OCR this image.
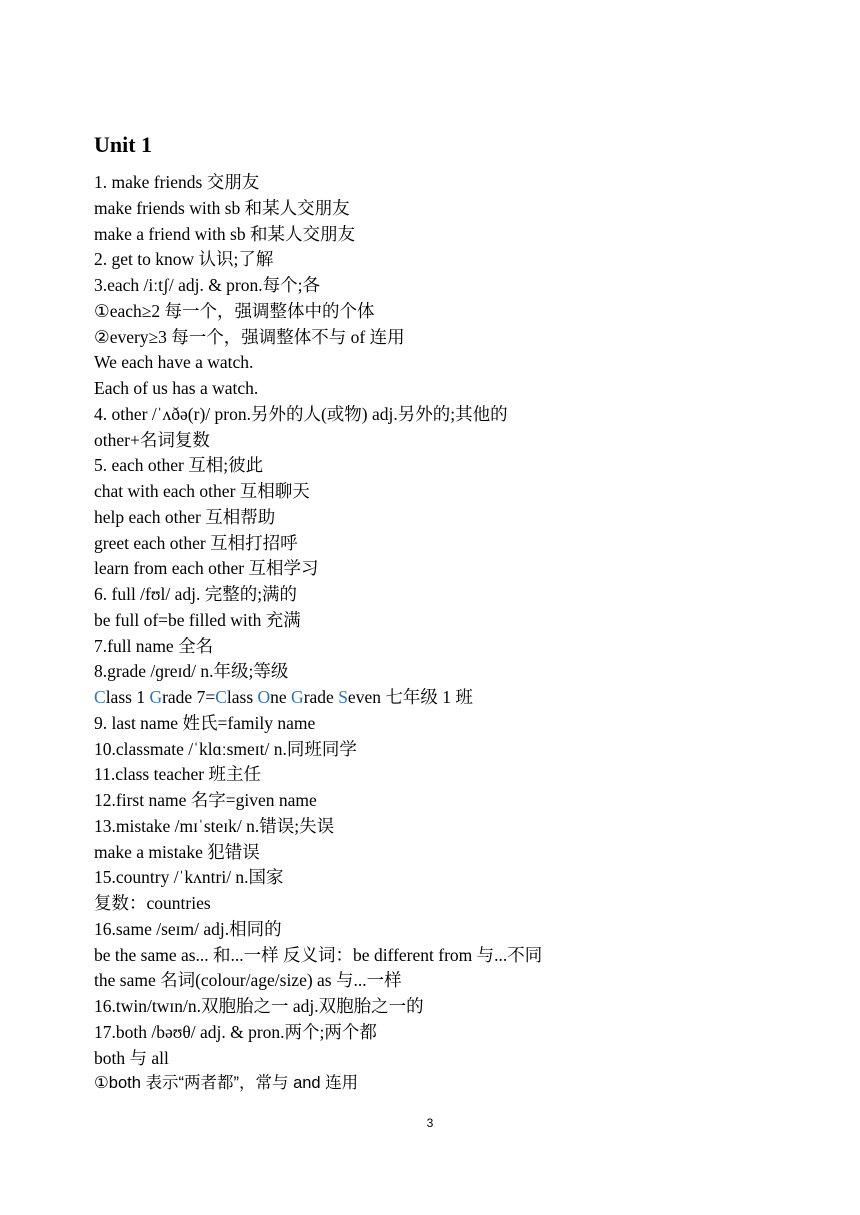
Unit 1
1. make friends 交朋友
make friends with sb 和某人交朋友
make a friend with sb 和某人交朋友
2. get to know 认识;了解
3.each /iːtʃ/ adj. & pron.每个;各
①each≥2 每一个，强调整体中的个体
②every≥3 每一个，强调整体不与 of 连用
We each have a watch.
Each of us has a watch.
4. other /ˈʌðə(r)/ pron.另外的人(或物) adj.另外的;其他的
other+名词复数
5. each other 互相;彼此
chat with each other 互相聊天
help each other 互相帮助
greet each other 互相打招呼
learn from each other 互相学习
6. full /fʊl/ adj. 完整的;满的
be full of=be filled with 充满
7.full name 全名
8.grade /ɡreɪd/ n.年级;等级
Class 1 Grade 7=Class One Grade Seven 七年级 1 班
9. last name 姓氏=family name
10.classmate /ˈklɑːsmeɪt/ n.同班同学
11.class teacher 班主任
12.first name 名字=given name
13.mistake /mɪˈsteɪk/ n.错误;失误
make a mistake 犯错误
15.country /ˈkʌntri/ n.国家
复数：countries
16.same /seɪm/ adj.相同的
be the same as... 和...一样 反义词：be different from 与...不同
the same 名词(colour/age/size) as 与...一样
16.twin/twɪn/n.双胞胎之一 adj.双胞胎之一的
17.both /bəʊθ/ adj. & pron.两个;两个都
both 与 all
①both 表示“两者都”，常与 and 连用
3
